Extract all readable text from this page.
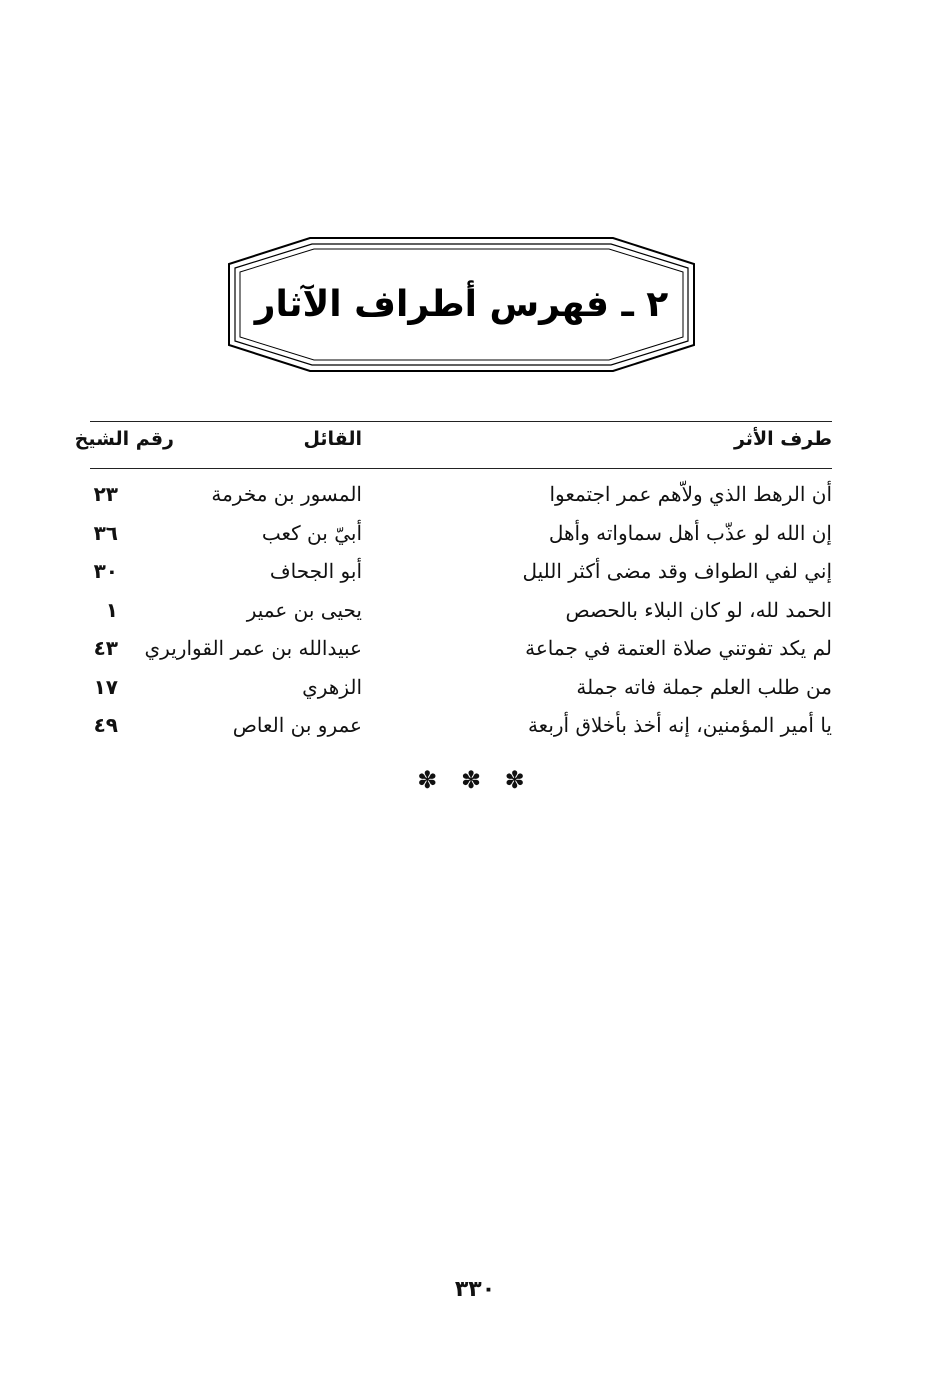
٢ ـ فهرس أطراف الآثار
طرف الأثر
القائل
رقم الشيخ
أن الرهط الذي ولاّهم عمر اجتمعوا
المسور بن مخرمة
٢٣
إن الله لو عذّب أهل سماواته وأهل
أبيّ بن كعب
٣٦
إني لفي الطواف وقد مضى أكثر الليل
أبو الجحاف
٣٠
الحمد لله، لو كان البلاء بالحصص
يحيى بن عمير
١
لم يكد تفوتني صلاة العتمة في جماعة
عبيدالله بن عمر القواريري
٤٣
من طلب العلم جملة فاته جملة
الزهري
١٧
يا أمير المؤمنين، إنه أخذ بأخلاق أربعة
عمرو بن العاص
٤٩
✽ ✽ ✽
٣٣٠
